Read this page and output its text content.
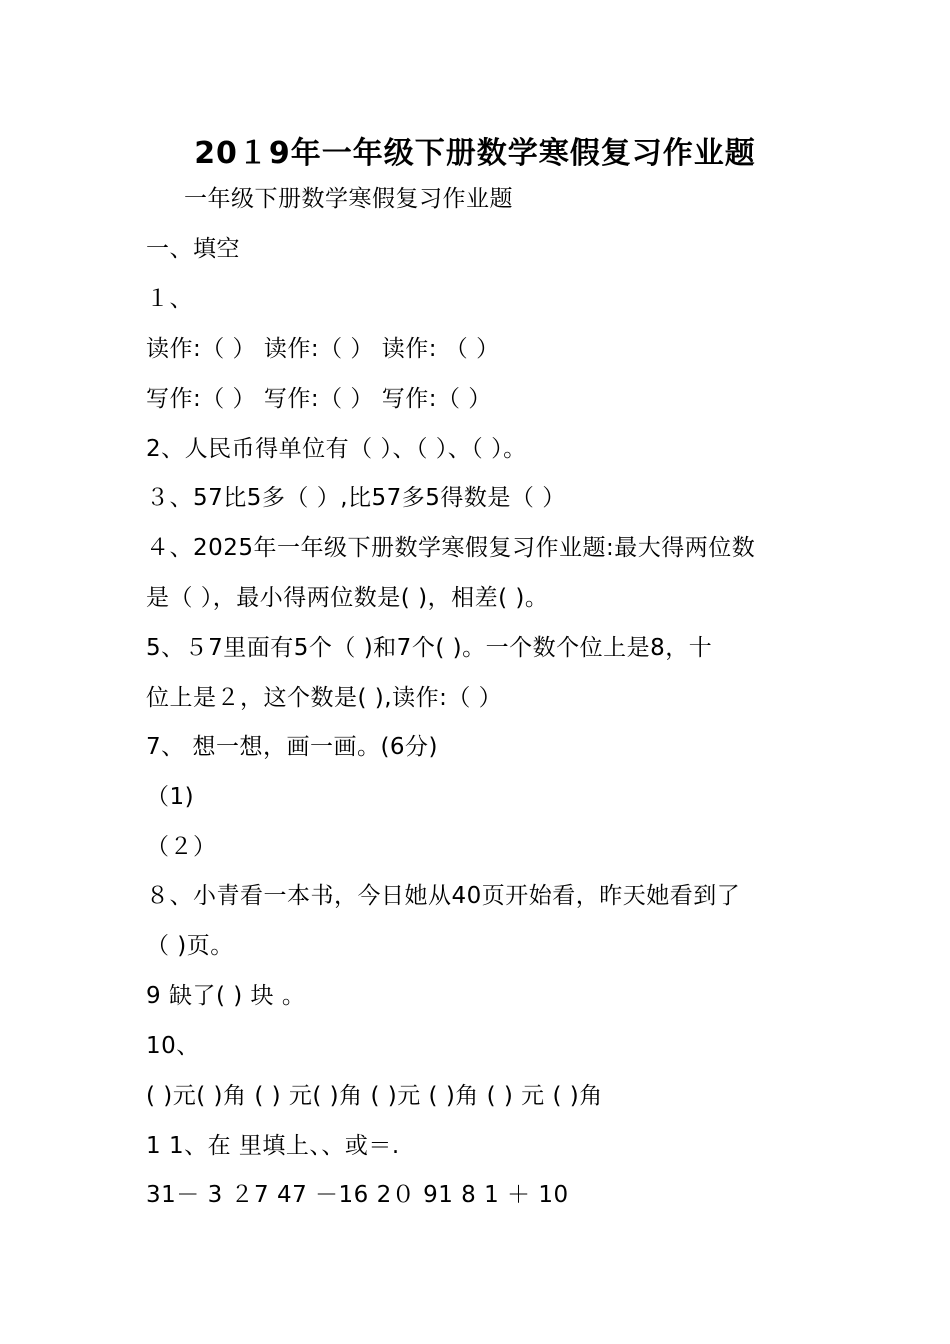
20１9年一年级下册数学寒假复习作业题
一年级下册数学寒假复习作业题
一、填空
１、
读作:（ ） 读作:（ ） 读作: （ ）
写作:（ ） 写作:（ ） 写作:（ ）
2、人民币得单位有（ ）、（ ）、（ ）。
３、57比5多（ ）,比57多5得数是（ ）
４、2025年一年级下册数学寒假复习作业题:最大得两位数
是（ ），最小得两位数是( )，相差( )。
5、５7里面有5个（ )和7个( )。一个数个位上是8，十
位上是２，这个数是( ),读作:（ ）
7、 想一想，画一画。(6分)
（1)
（２）
８、小青看一本书，今日她从40页开始看，昨天她看到了
（ )页。
9 缺了( ) 块 。
10、
( )元( )角 ( ) 元( )角 ( )元 ( )角 ( ) 元 ( )角
1 1、在 里填上、、或＝.
31－ 3 ２7 47 －16 2０ 91 8 1 ＋ 10
